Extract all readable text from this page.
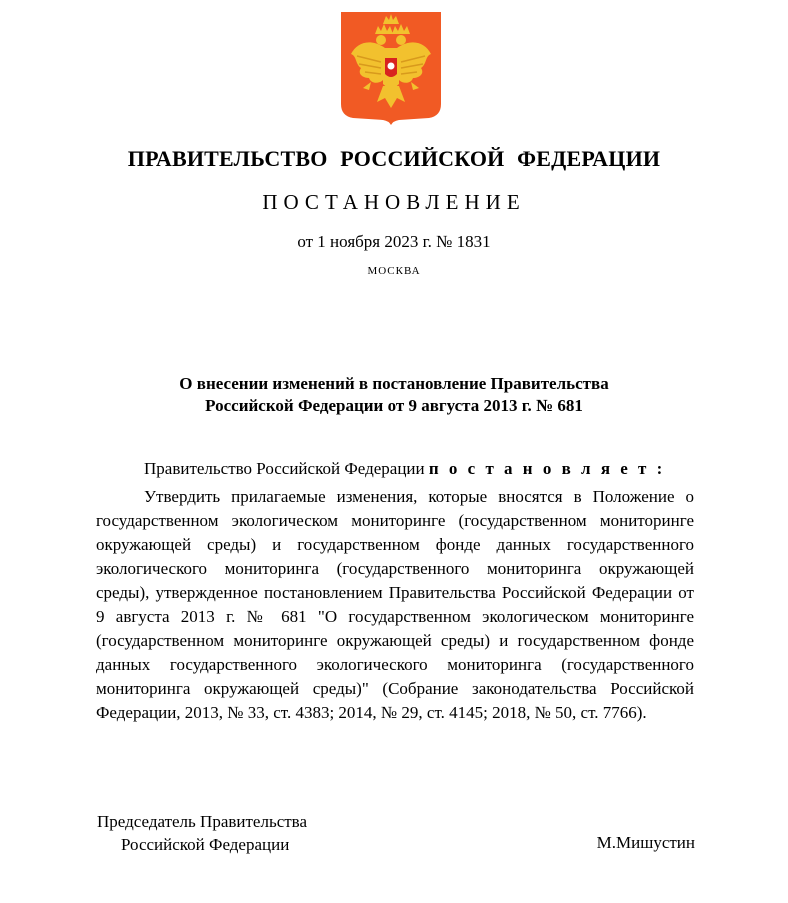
ПРАВИТЕЛЬСТВО РОССИЙСКОЙ ФЕДЕРАЦИИ
ПОСТАНОВЛЕНИЕ
от 1 ноября 2023 г. № 1831
МОСКВА
О внесении изменений в постановление Правительства
Российской Федерации от 9 августа 2013 г. № 681
Правительство Российской Федерации п о с т а н о в л я е т :
Утвердить прилагаемые изменения, которые вносятся в Положение о государственном экологическом мониторинге (государственном мониторинге окружающей среды) и государственном фонде данных государственного экологического мониторинга (государственного мониторинга окружающей среды), утвержденное постановлением Правительства Российской Федерации от 9 августа 2013 г. № 681 "О государственном экологическом мониторинге (государственном мониторинге окружающей среды) и государственном фонде данных государственного экологического мониторинга (государственного мониторинга окружающей среды)" (Собрание законодательства Российской Федерации, 2013, № 33, ст. 4383; 2014, № 29, ст. 4145; 2018, № 50, ст. 7766).
Председатель Правительства
Российской Федерации	М.Мишустин
